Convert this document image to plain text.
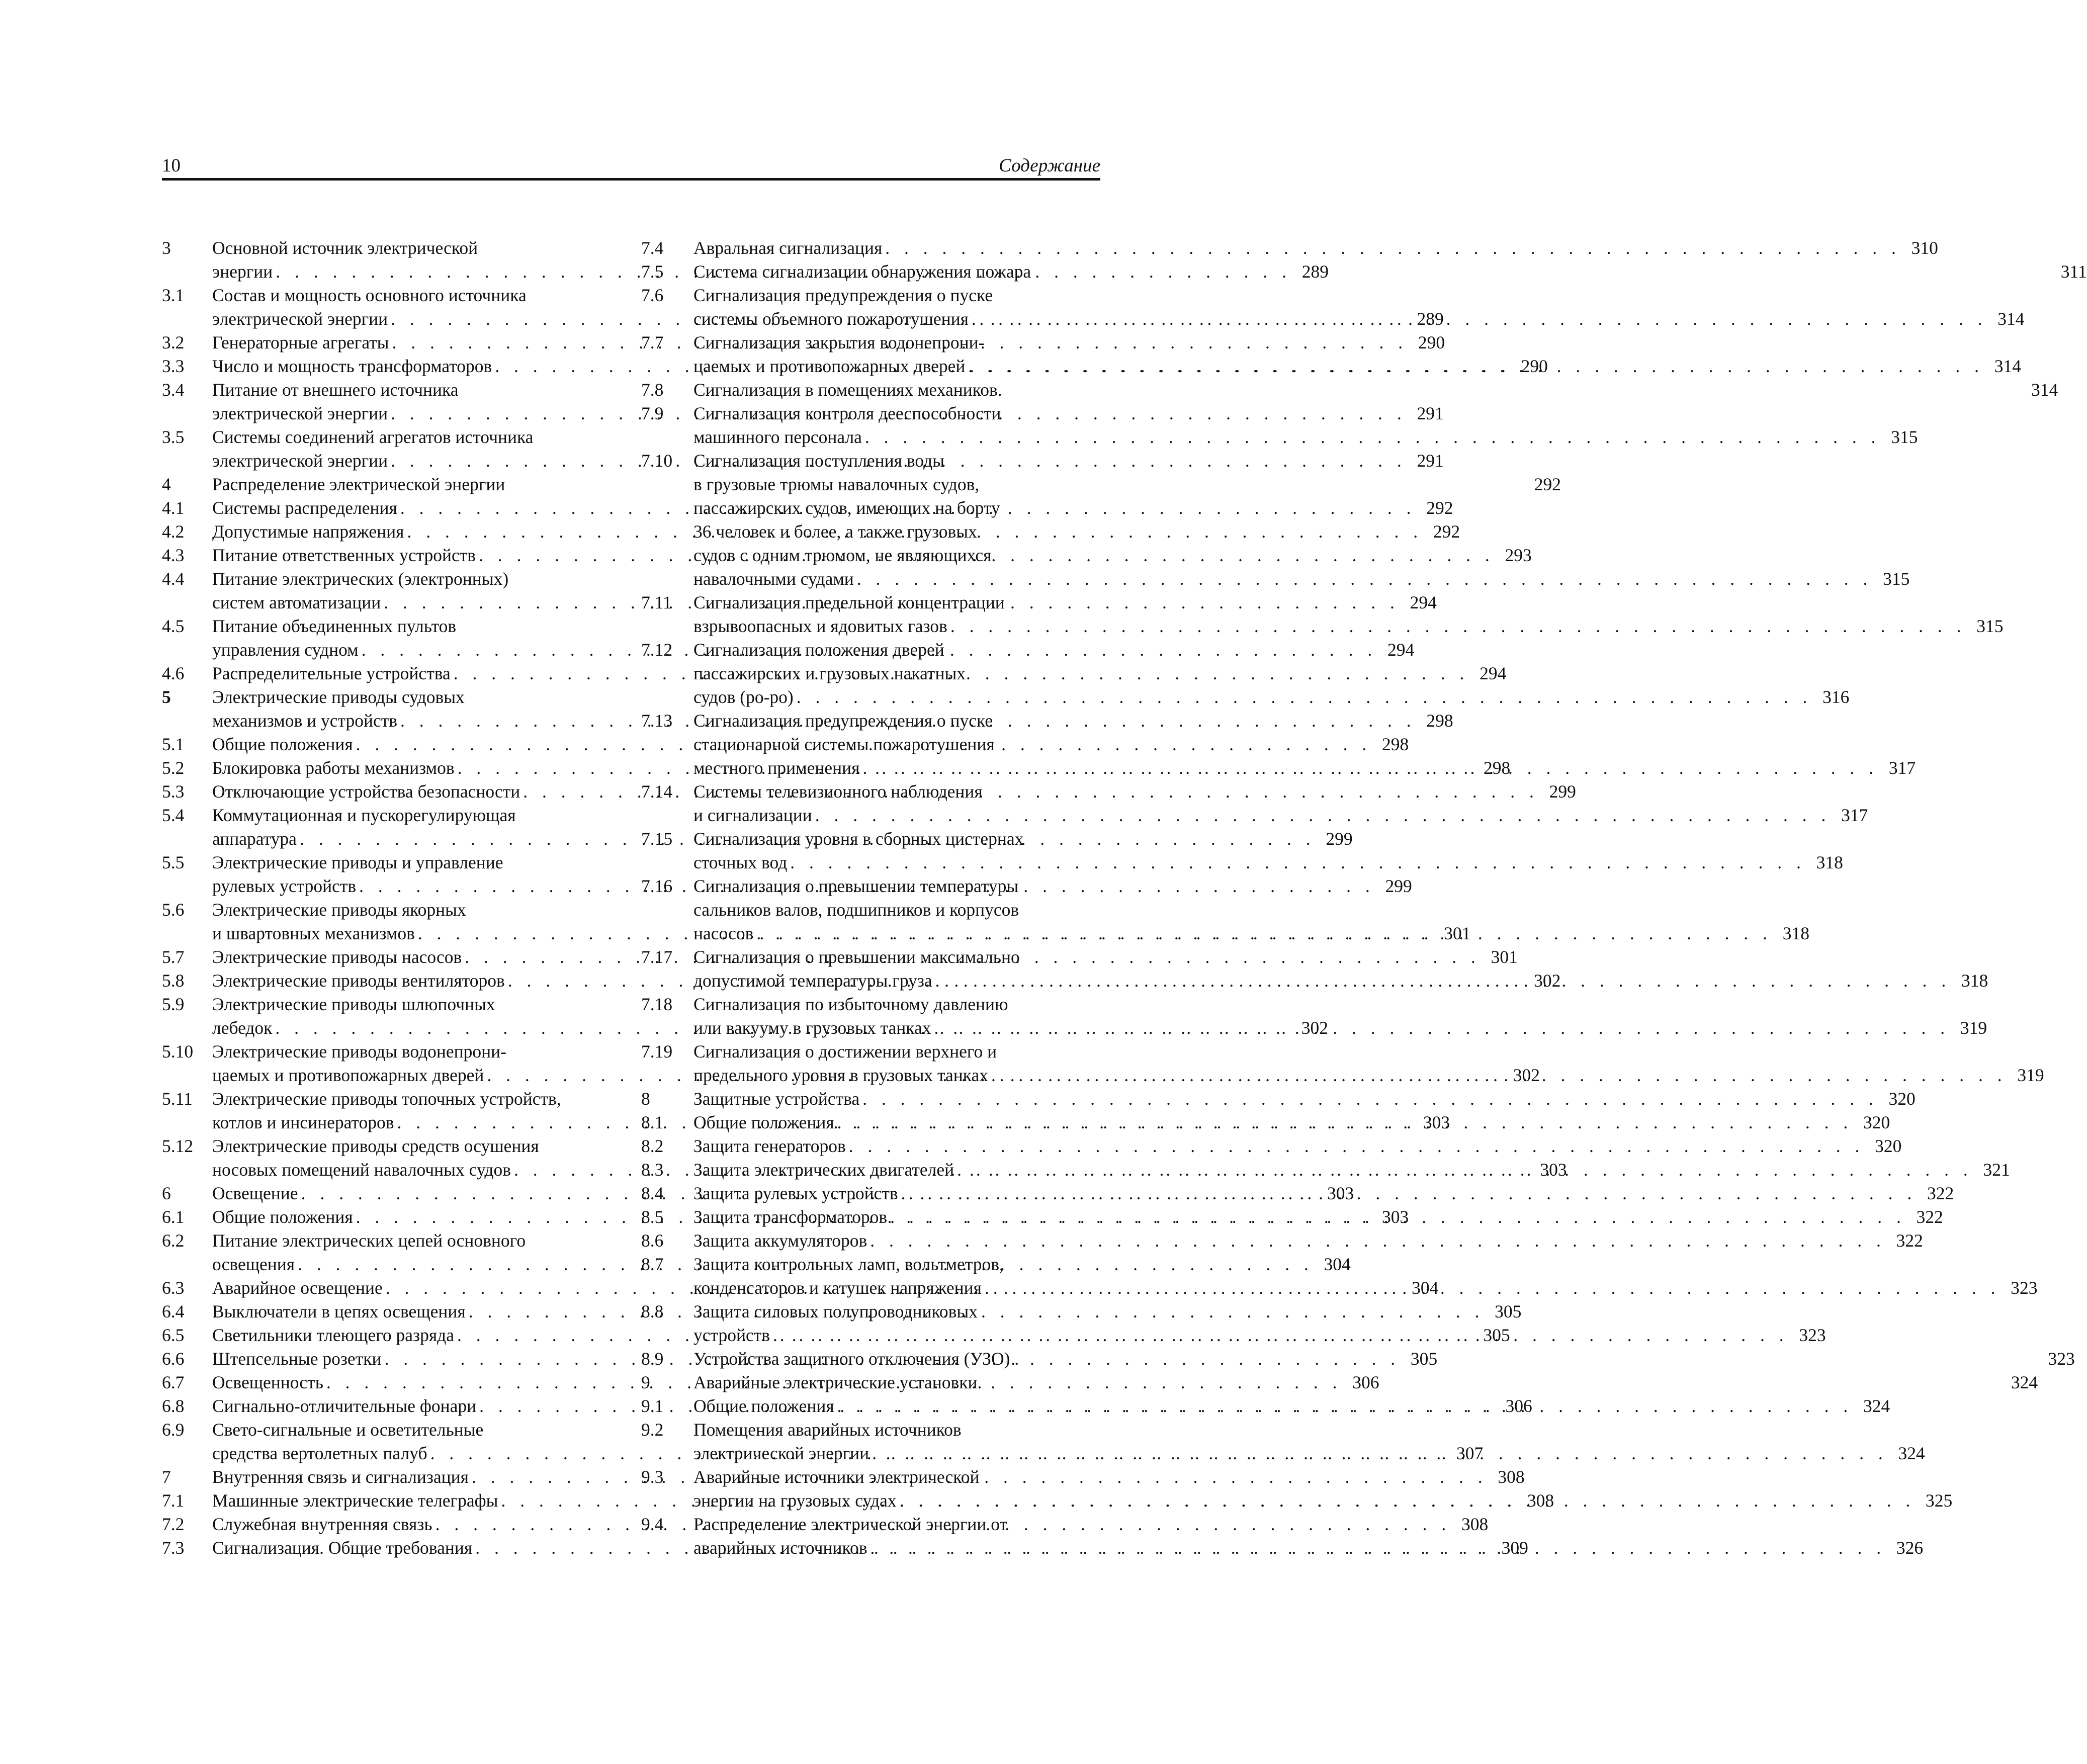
10	Содержание
3	Основной источник электрической
энергии . . .	289
3.1	Состав и мощность основного источника
электрической энергии . . .	289
3.2	Генераторные агрегаты . . .	290
3.3	Число и мощность трансформаторов . . .	290
3.4	Питание от внешнего источника
электрической энергии . . .	291
3.5	Системы соединений агрегатов источника
электрической энергии . . .	291
4	Распределение электрической энергии	292
4.1	Системы распределения . . .	292
4.2	Допустимые напряжения . . .	292
4.3	Питание ответственных устройств . . .	293
4.4	Питание электрических (электронных)
систем автоматизации . . .	294
4.5	Питание объединенных пультов
управления судном . . .	294
4.6	Распределительные устройства . . .	294
5	Электрические приводы судовых
механизмов и устройств . . .	298
5.1	Общие положения . . .	298
5.2	Блокировка работы механизмов . . .	298
5.3	Отключающие устройства безопасности . . .	299
5.4	Коммутационная и пускорегулирующая
аппаратура . . .	299
5.5	Электрические приводы и управление
рулевых устройств . . .	299
5.6	Электрические приводы якорных
и швартовных механизмов . . .	301
5.7	Электрические приводы насосов . . .	301
5.8	Электрические приводы вентиляторов . . .	302
5.9	Электрические приводы шлюпочных
лебедок . . .	302
5.10	Электрические приводы водонепрони-
цаемых и противопожарных дверей . . .	302
5.11	Электрические приводы топочных устройств,
котлов и инсинераторов . . .	303
5.12	Электрические приводы средств осушения
носовых помещений навалочных судов . . .	303
6	Освещение . . .	303
6.1	Общие положения . . .	303
6.2	Питание электрических цепей основного
освещения . . .	304
6.3	Аварийное освещение . . .	304
6.4	Выключатели в цепях освещения . . .	305
6.5	Светильники тлеющего разряда . . .	305
6.6	Штепсельные розетки . . .	305
6.7	Освещенность . . .	306
6.8	Сигнально-отличительные фонари . . .	306
6.9	Свето-сигнальные и осветительные
средства вертолетных палуб . . .	307
7	Внутренняя связь и сигнализация . . .	308
7.1	Машинные электрические телеграфы . . .	308
7.2	Служебная внутренняя связь . . .	308
7.3	Сигнализация. Общие требования . . .	309
7.4	Авральная сигнализация . . .	310
7.5	Система сигнализации обнаружения пожара	311
7.6	Сигнализация предупреждения о пуске
системы объемного пожаротушения . . .	314
7.7	Сигнализация закрытия водонепрони-
цаемых и противопожарных дверей . . .	314
7.8	Сигнализация в помещениях механиков.	314
7.9	Сигнализация контроля дееспособности
машинного персонала . . .	315
7.10	Сигнализация поступления воды
в грузовые трюмы навалочных судов,
пассажирских судов, имеющих на борту
36 человек и более, а также грузовых
судов с одним трюмом, не являющихся
навалочными судами . . .	315
7.11	Сигнализация предельной концентрации
взрывоопасных и ядовитых газов . . .	315
7.12	Сигнализация положения дверей
пассажирских и грузовых накатных
судов (ро-ро) . . .	316
7.13	Сигнализация предупреждения о пуске
стационарной системы пожаротушения
местного применения . . .	317
7.14	Системы телевизионного наблюдения
и сигнализации . . .	317
7.15	Сигнализация уровня в сборных цистернах
сточных вод . . .	318
7.16	Сигнализация о превышении температуры
сальников валов, подшипников и корпусов
насосов . . .	318
7.17	Сигнализация о превышении максимально
допустимой температуры груза . . .	318
7.18	Сигнализация по избыточному давлению
или вакууму в грузовых танках . . .	319
7.19	Сигнализация о достижении верхнего и
предельного уровня в грузовых танках . . .	319
8	Защитные устройства . . .	320
8.1	Общие положения . . .	320
8.2	Защита генераторов . . .	320
8.3	Защита электрических двигателей . . .	321
8.4	Защита рулевых устройств . . .	322
8.5	Защита трансформаторов . . .	322
8.6	Защита аккумуляторов . . .	322
8.7	Защита контрольных ламп, вольтметров,
конденсаторов и катушек напряжения . . .	323
8.8	Защита силовых полупроводниковых
устройств . . .	323
8.9	Устройства защитного отключения (УЗО) .	323
9	Аварийные электрические установки.	324
9.1	Общие положения . . .	324
9.2	Помещения аварийных источников
электрической энергии . . .	324
9.3	Аварийные источники электрической
энергии на грузовых судах . . .	325
9.4	Распределение электрической энергии от
аварийных источников . . .	326
